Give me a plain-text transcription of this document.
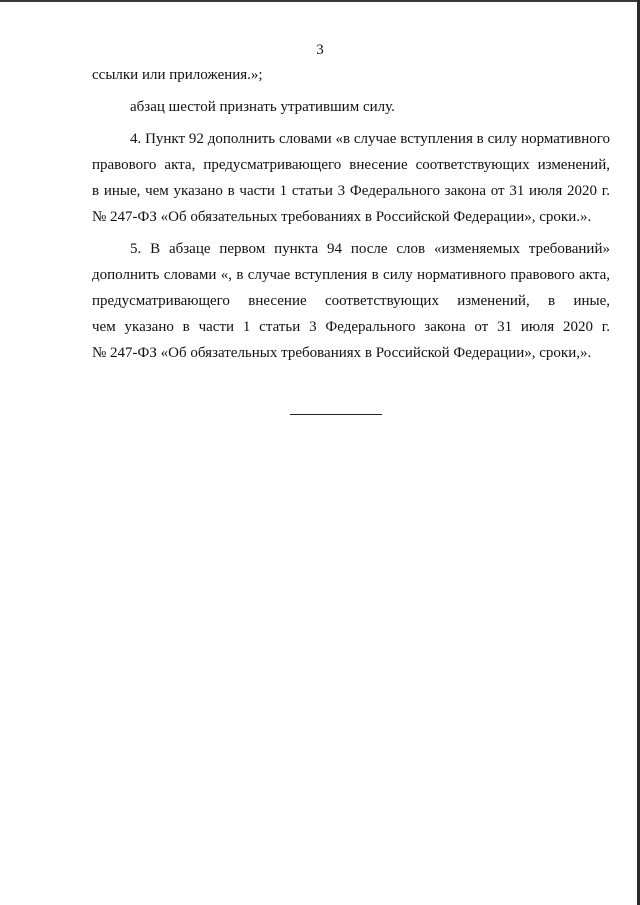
3
ссылки или приложения.»;
абзац шестой признать утратившим силу.
4. Пункт 92 дополнить словами «в случае вступления в силу нормативного
правового акта, предусматривающего внесение соответствующих изменений,
в иные, чем указано в части 1 статьи 3 Федерального закона от 31 июля 2020 г.
№ 247-ФЗ «Об обязательных требованиях в Российской Федерации», сроки.».
5. В абзаце первом пункта 94 после слов «изменяемых требований»
дополнить словами «, в случае вступления в силу нормативного правового акта,
предусматривающего внесение соответствующих изменений, в иные,
чем указано в части 1 статьи 3 Федерального закона от 31 июля 2020 г.
№ 247-ФЗ «Об обязательных требованиях в Российской Федерации», сроки,».
